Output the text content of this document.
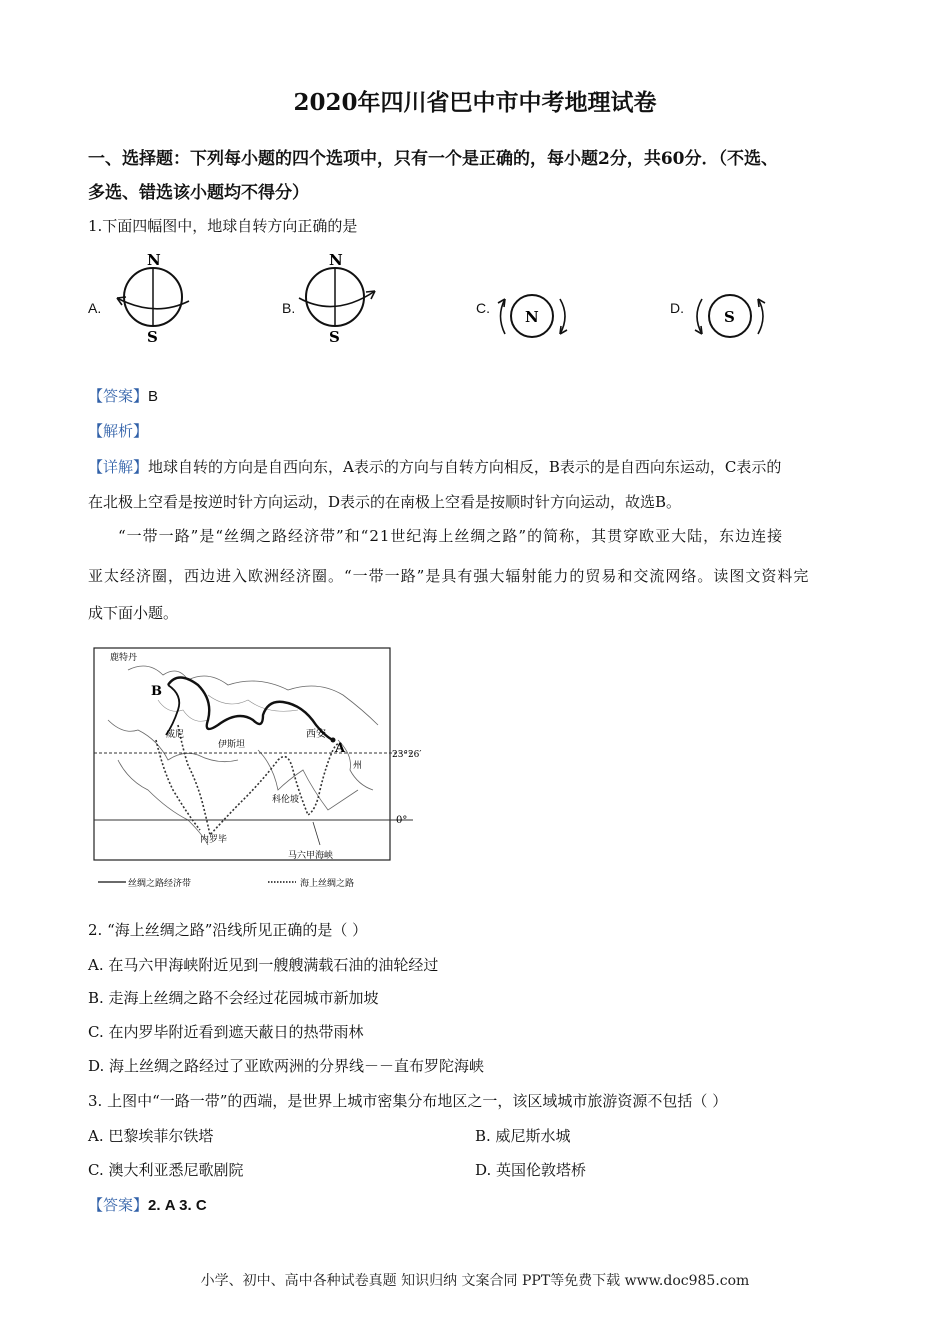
2020年四川省巴中市中考地理试卷
一、选择题：下列每小题的四个选项中，只有一个是正确的，每小题2分，共60分．（不选、
多选、错选该小题均不得分）
1.下面四幅图中，地球自转方向正确的是
A.
N
S
B.
N
S
C. N	D.	S
【答案】B
【解析】
【详解】地球自转的方向是自西向东，A表示的方向与自转方向相反，B表示的是自西向东运动，C表示的
在北极上空看是按逆时针方向运动，D表示的在南极上空看是按顺时针方向运动，故选B。
“一带一路”是“丝绸之路经济带”和“21世纪海上丝绸之路”的简称，其贯穿欧亚大陆，东边连接
亚太经济圈，西边进入欧洲经济圈。“一带一路”是具有强大辐射能力的贸易和交流网络。读图文资料完
成下面小题。
鹿特丹
B
威尼
伊斯坦
西安
A
州
23°26′
科伦坡
内罗毕
0°
马六甲海峡
丝绸之路经济带	海上丝绸之路
2. “海上丝绸之路”沿线所见正确的是（ ）
A. 在马六甲海峡附近见到一艘艘满载石油的油轮经过
B. 走海上丝绸之路不会经过花园城市新加坡
C. 在内罗毕附近看到遮天蔽日的热带雨林
D. 海上丝绸之路经过了亚欧两洲的分界线－－直布罗陀海峡
3. 上图中“一路一带”的西端，是世界上城市密集分布地区之一，该区域城市旅游资源不包括（ ）
A. 巴黎埃菲尔铁塔	B. 威尼斯水城
C. 澳大利亚悉尼歌剧院	D. 英国伦敦塔桥
【答案】2. A 3. C
小学、初中、高中各种试卷真题 知识归纳 文案合同 PPT等免费下载 www.doc985.com
